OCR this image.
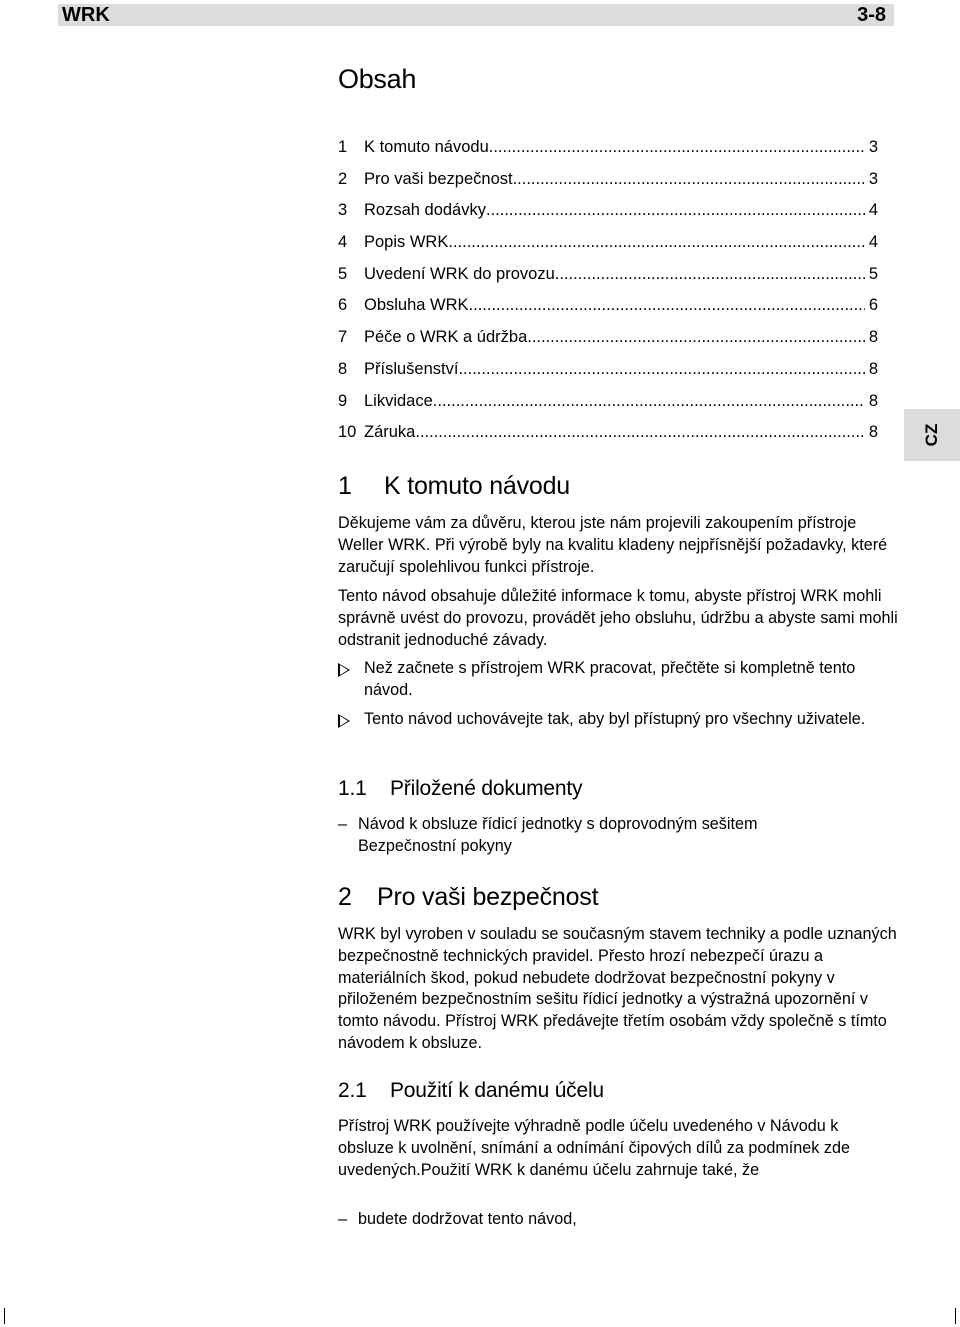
WRK	3-8
CZ
Obsah
1 K tomuto návodu .....	3
2 Pro vaši bezpečnost .....	3
3 Rozsah dodávky .....	4
4 Popis WRK .....	4
5 Uvedení WRK do provozu .....	5
6 Obsluha WRK .....	6
7 Péče o WRK a údržba .....	8
8 Příslušenství .....	8
9 Likvidace .....	8
10 Záruka .....	8
1 K tomuto návodu

Děkujeme vám za důvěru, kterou jste nám projevili zakoupením přístroje Weller WRK. Při výrobě byly na kvalitu kladeny nejpřísnější požadavky, které zaručují spolehlivou funkci přístroje.

Tento návod obsahuje důležité informace k tomu, abyste přístroj WRK mohli správně uvést do provozu, provádět jeho obsluhu, údržbu a abyste sami mohli odstranit jednoduché závady.

Než začnete s přístrojem WRK pracovat, přečtěte si kompletně tento návod.
Tento návod uchovávejte tak, aby byl přístupný pro všechny uživatele.
1.1 Přiložené dokumenty
– Návod k obsluze řídicí jednotky s doprovodným sešitem
Bezpečnostní pokyny
2 Pro vaši bezpečnost

WRK byl vyroben v souladu se současným stavem techniky a podle uznaných bezpečnostně technických pravidel. Přesto hrozí nebezpečí úrazu a materiálních škod, pokud nebudete dodržovat bezpečnostní pokyny v přiloženém bezpečnostním sešitu řídicí jednotky a výstražná upozornění v tomto návodu. Přístroj WRK předávejte třetím osobám vždy společně s tímto návodem k obsluze.

2.1 Použití k danému účelu

Přístroj WRK používejte výhradně podle účelu uvedeného v Návodu k obsluze k uvolnění, snímání a odnímání čipových dílů za podmínek zde uvedených.Použití WRK k danému účelu zahrnuje také, že

– budete dodržovat tento návod,
